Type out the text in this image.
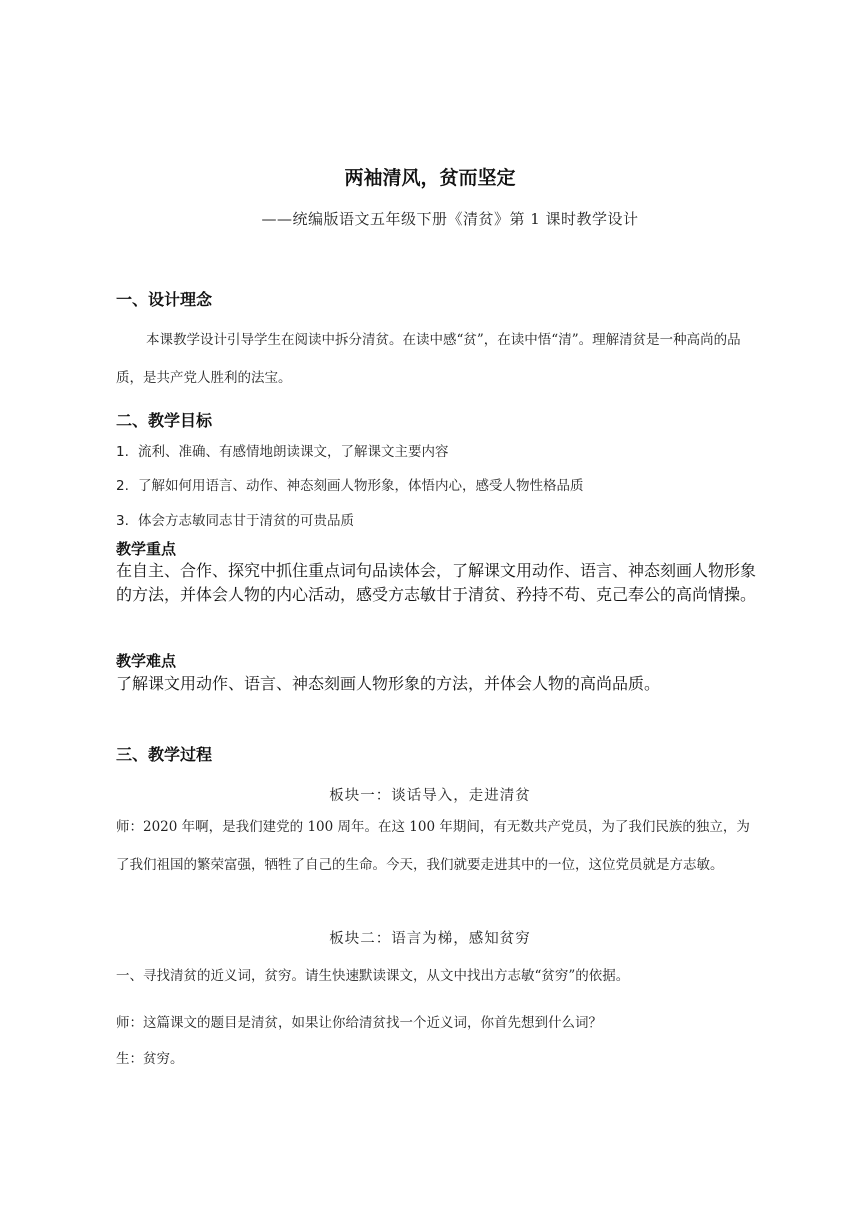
两袖清风，贫而坚定
——统编版语文五年级下册《清贫》第 1 课时教学设计
一、设计理念
本课教学设计引导学生在阅读中拆分清贫。在读中感“贫”，在读中悟“清”。理解清贫是一种高尚的品质，是共产党人胜利的法宝。
二、教学目标
1. 流利、准确、有感情地朗读课文，了解课文主要内容
2. 了解如何用语言、动作、神态刻画人物形象，体悟内心，感受人物性格品质
3. 体会方志敏同志甘于清贫的可贵品质
教学重点
在自主、合作、探究中抓住重点词句品读体会，了解课文用动作、语言、神态刻画人物形象的方法，并体会人物的内心活动，感受方志敏甘于清贫、矜持不苟、克己奉公的高尚情操。
教学难点
了解课文用动作、语言、神态刻画人物形象的方法，并体会人物的高尚品质。
三、教学过程
板块一：谈话导入，走进清贫
师：2020 年啊，是我们建党的 100 周年。在这 100 年期间，有无数共产党员，为了我们民族的独立，为了我们祖国的繁荣富强，牺牲了自己的生命。今天，我们就要走进其中的一位，这位党员就是方志敏。
板块二：语言为梯，感知贫穷
一、寻找清贫的近义词，贫穷。请生快速默读课文，从文中找出方志敏“贫穷”的依据。
师：这篇课文的题目是清贫，如果让你给清贫找一个近义词，你首先想到什么词？
生：贫穷。
